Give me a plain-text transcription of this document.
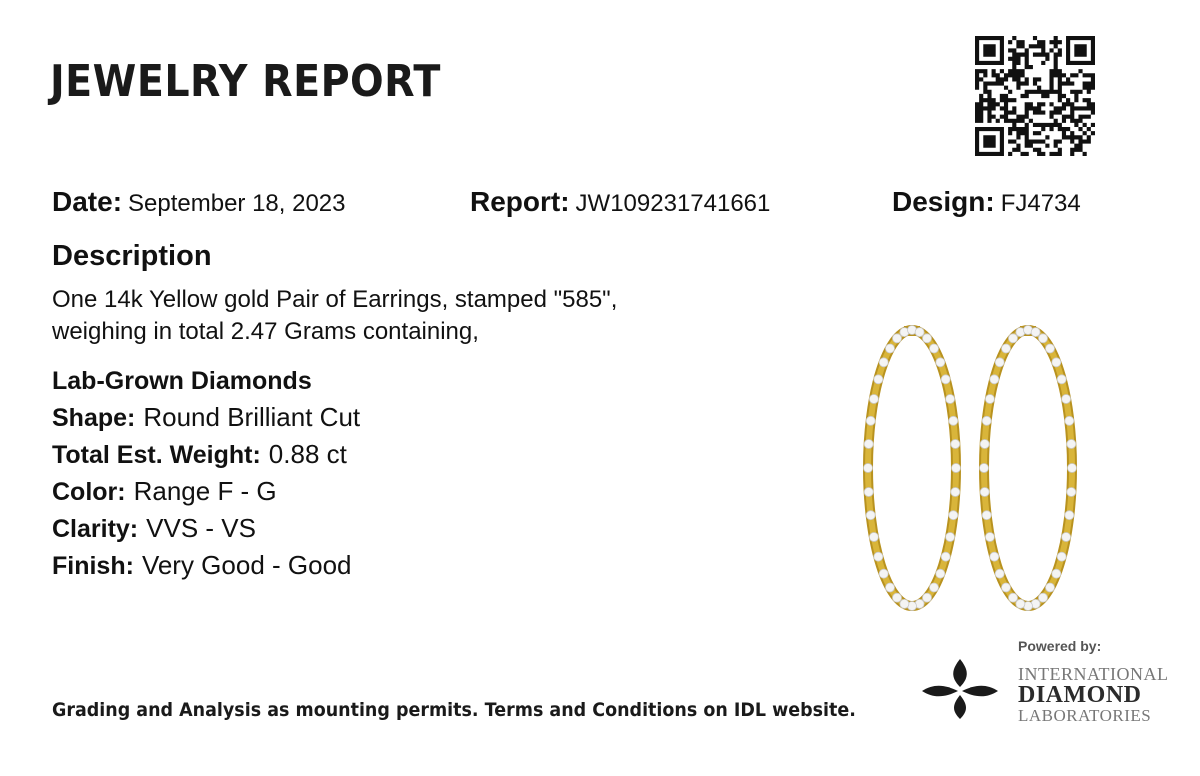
JEWELRY REPORT
Date: September 18, 2023	Report: JW109231741661	Design: FJ4734
Description
One 14k Yellow gold Pair of Earrings, stamped "585",
weighing in total 2.47 Grams containing,
Lab-Grown Diamonds
Shape: Round Brilliant Cut
Total Est. Weight: 0.88 ct
Color: Range F - G
Clarity: VVS - VS
Finish: Very Good - Good
Grading and Analysis as mounting permits. Terms and Conditions on IDL website.
Powered by:
INTERNATIONAL
DIAMOND
LABORATORIES
